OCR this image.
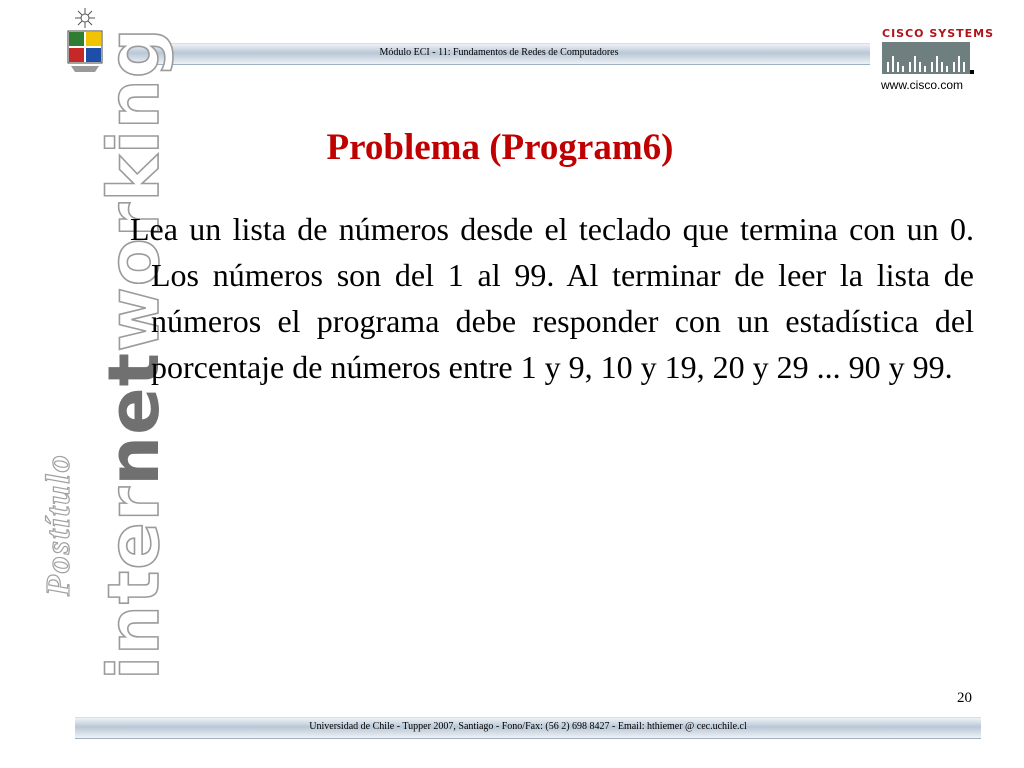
Módulo ECI - 11: Fundamentos de Redes de Computadores
CISCO SYSTEMS
www.cisco.com
internetworking
Postítulo
Problema (Program6)
Lea un lista de números desde el teclado que termina con un 0. Los números son del 1 al 99. Al terminar de leer la lista de números el programa debe responder con un estadística del porcentaje de números entre 1 y 9, 10 y 19, 20 y 29 ... 90 y 99.
20
Universidad de Chile - Tupper 2007, Santiago - Fono/Fax: (56 2) 698 8427 - Email: hthiemer @ cec.uchile.cl
